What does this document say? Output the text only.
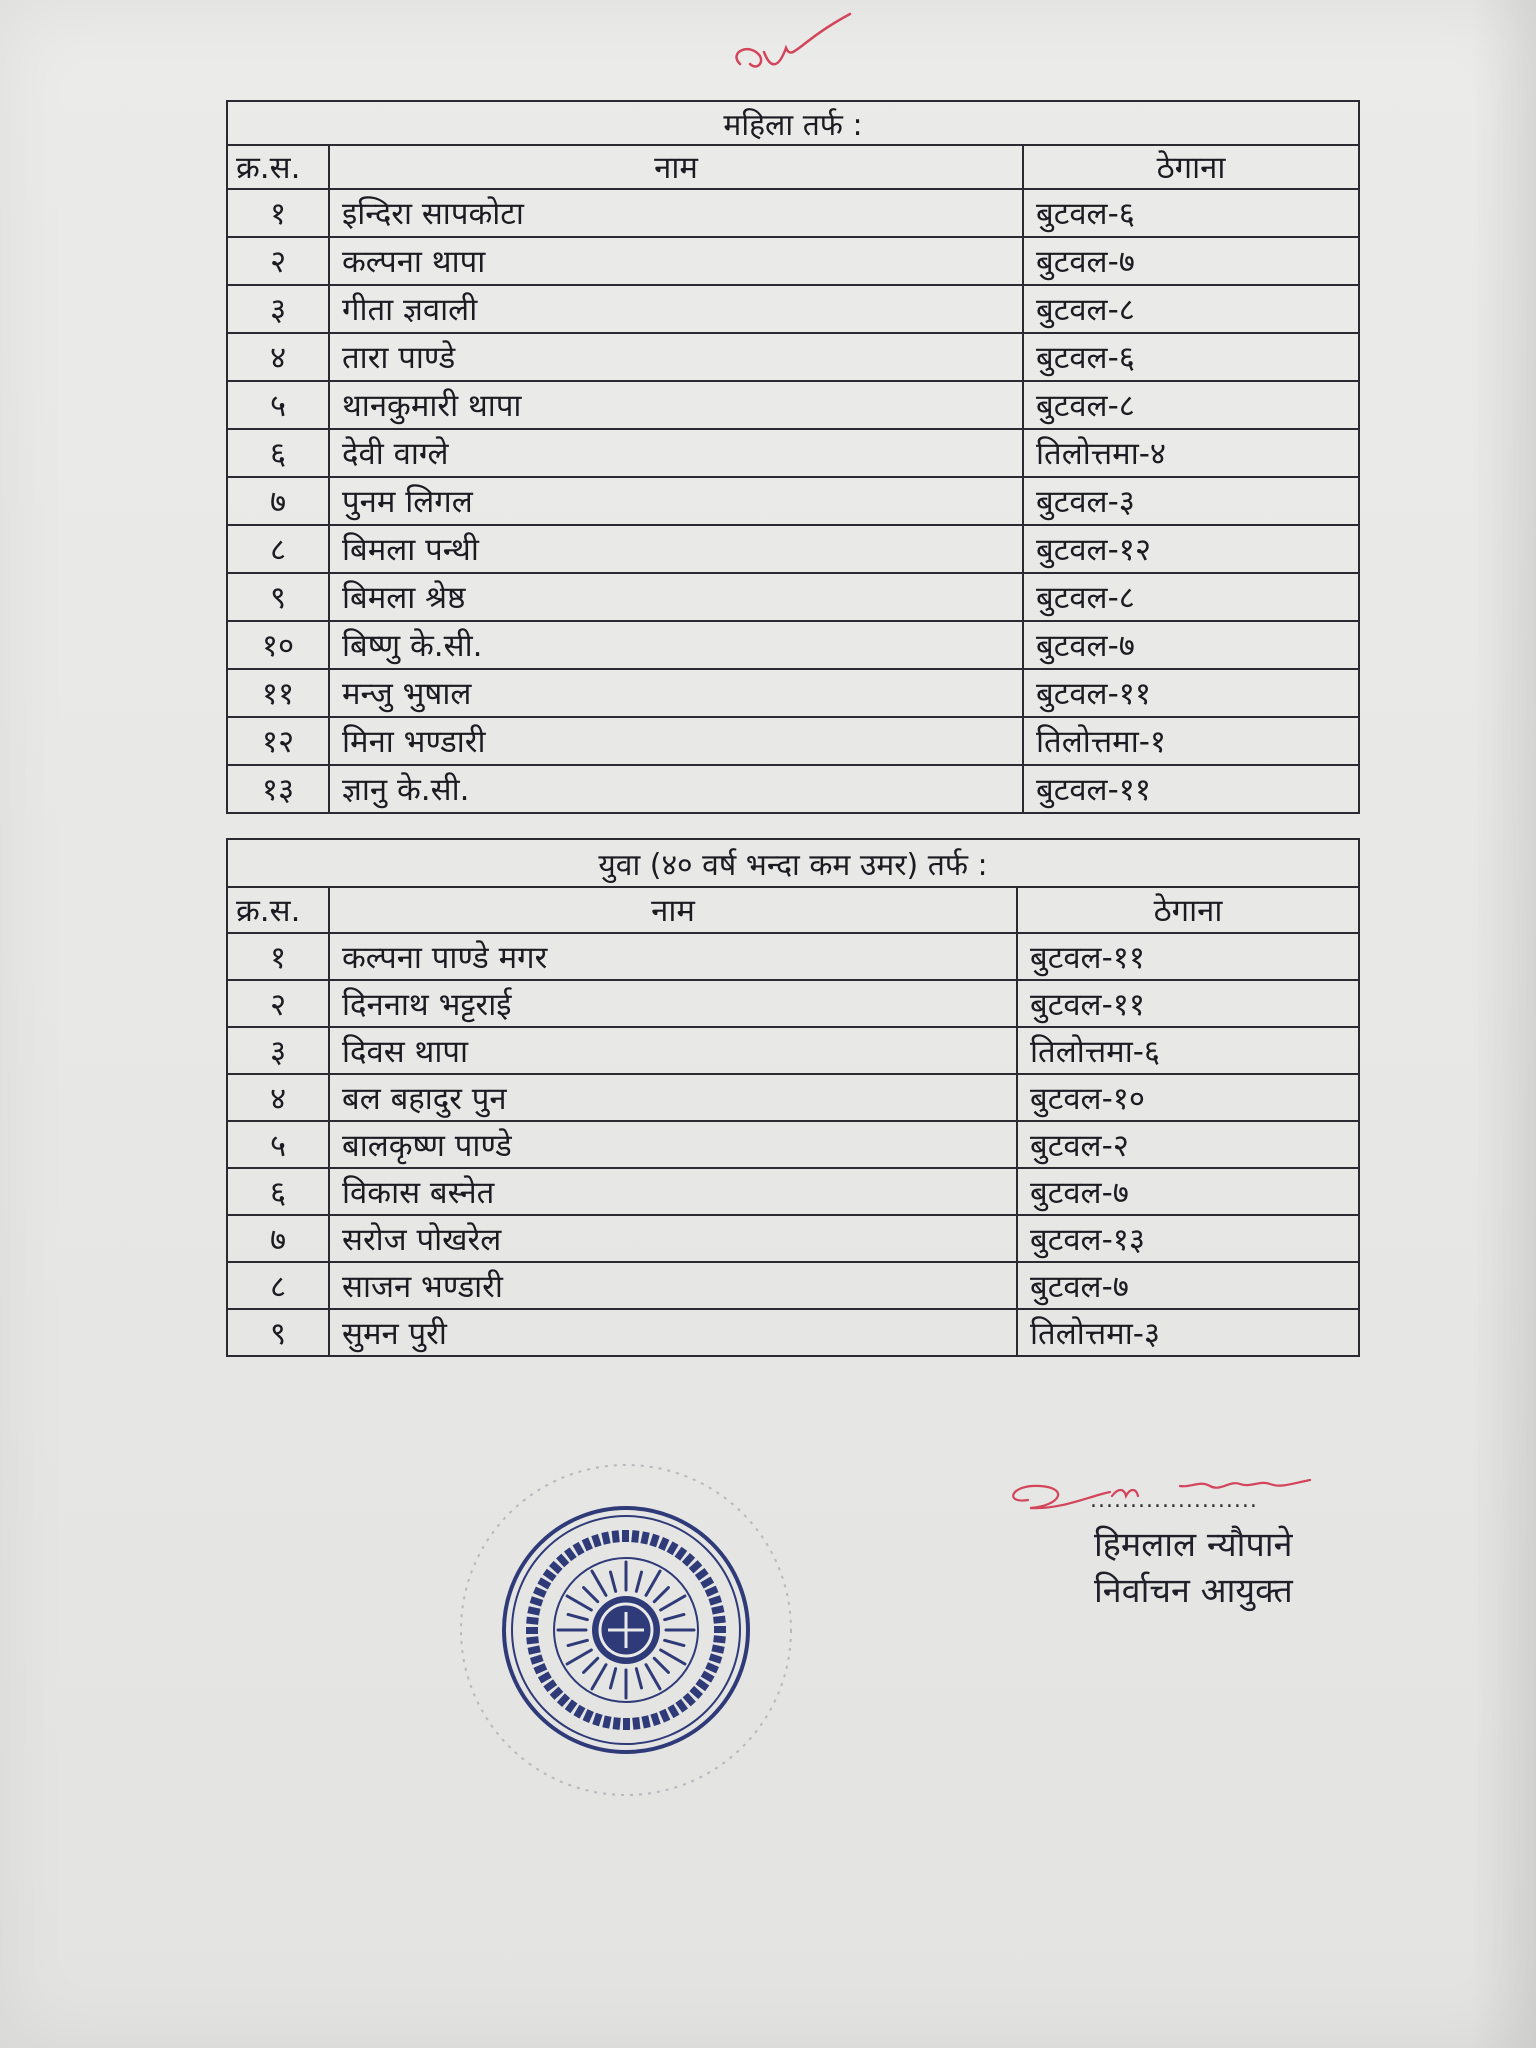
महिला तर्फ :		
क्र.स.	नाम	ठेगाना
१	इन्दिरा सापकोटा	बुटवल-६
२	कल्पना थापा	बुटवल-७
३	गीता ज्ञवाली	बुटवल-८
४	तारा पाण्डे	बुटवल-६
५	थानकुमारी थापा	बुटवल-८
६	देवी वाग्ले	तिलोत्तमा-४
७	पुनम लिगल	बुटवल-३
८	बिमला पन्थी	बुटवल-१२
९	बिमला श्रेष्ठ	बुटवल-८
१०	बिष्णु के.सी.	बुटवल-७
११	मन्जु भुषाल	बुटवल-११
१२	मिना भण्डारी	तिलोत्तमा-१
१३	ज्ञानु के.सी.	बुटवल-११
युवा (४० वर्ष भन्दा कम उमर) तर्फ :		
क्र.स.	नाम	ठेगाना
१	कल्पना पाण्डे मगर	बुटवल-११
२	दिननाथ भट्टराई	बुटवल-११
३	दिवस थापा	तिलोत्तमा-६
४	बल बहादुर पुन	बुटवल-१०
५	बालकृष्ण पाण्डे	बुटवल-२
६	विकास बस्नेत	बुटवल-७
७	सरोज पोखरेल	बुटवल-१३
८	साजन भण्डारी	बुटवल-७
९	सुमन पुरी	तिलोत्तमा-३
.....................
हिमलाल न्यौपाने
निर्वाचन आयुक्त
